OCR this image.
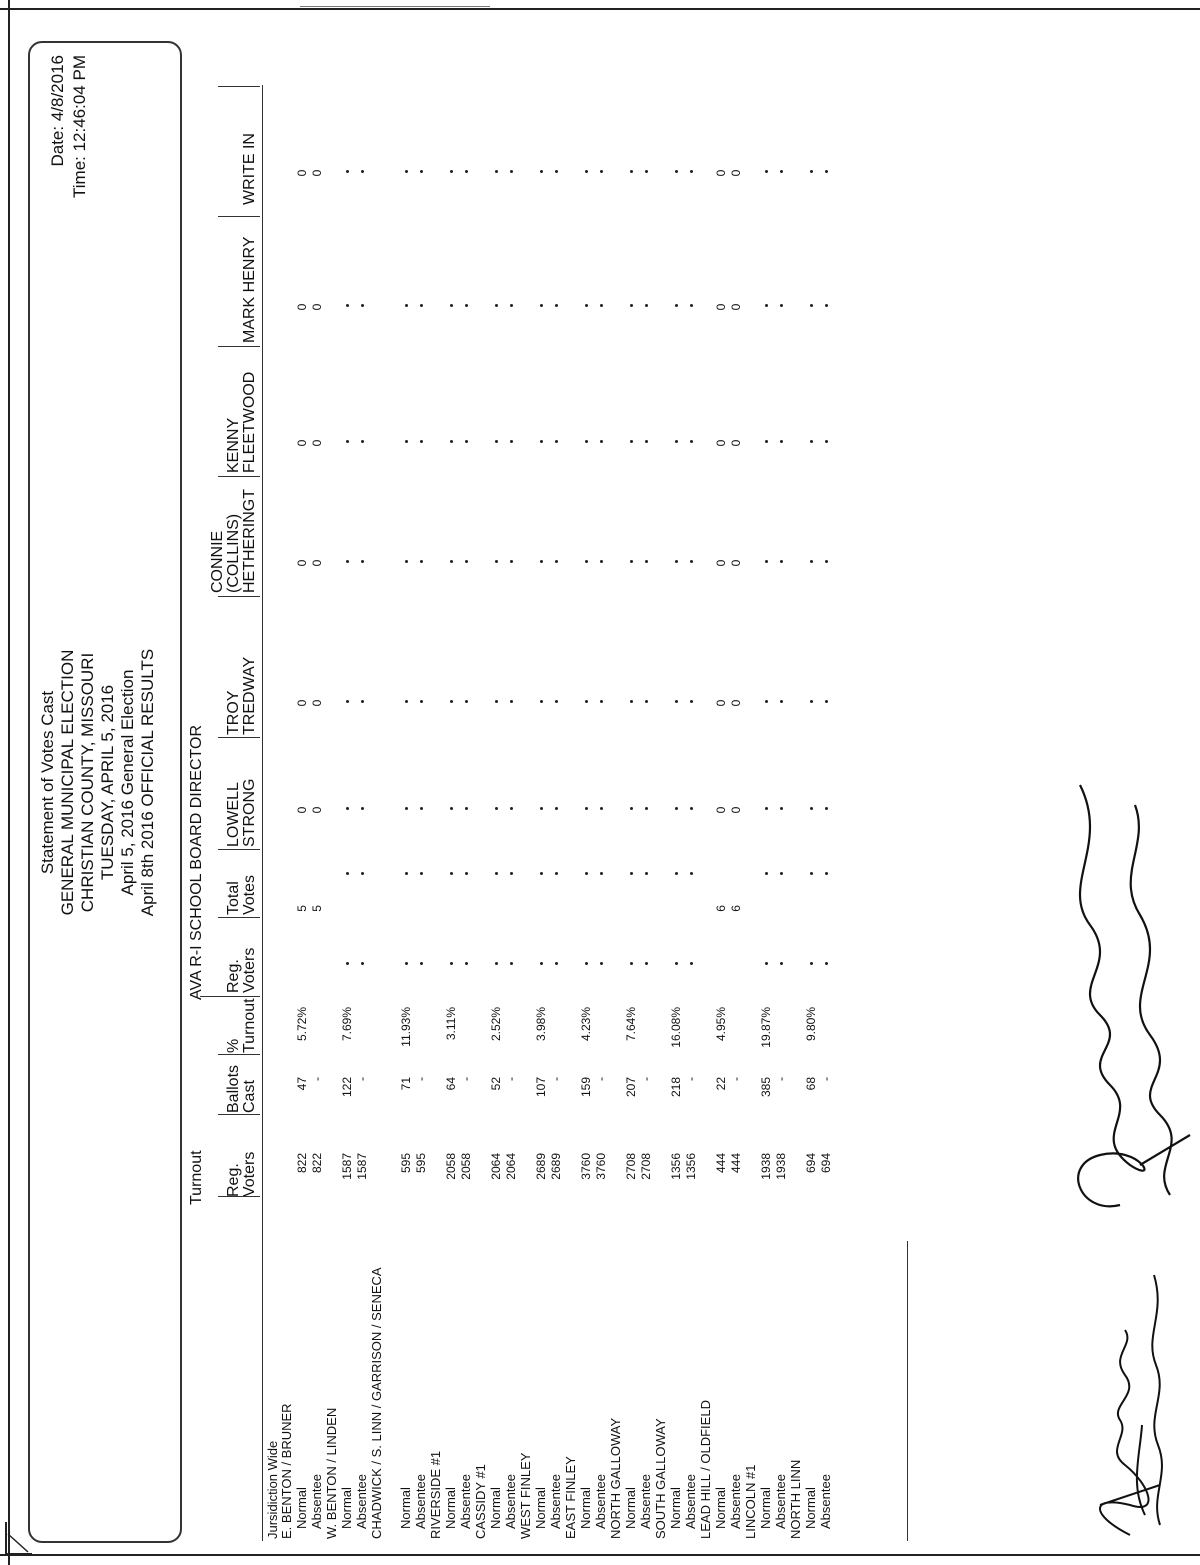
Statement of Votes Cast GENERAL MUNICIPAL ELECTION CHRISTIAN COUNTY, MISSOURI TUESDAY, APRIL 5, 2016 April 5, 2016 General Election April 8th 2016 OFFICIAL RESULTS
Date: 4/8/2016 Time: 12:46:04 PM
Turnout
AVA R-I SCHOOL BOARD DIRECTOR
Reg. Voters
Ballots Cast
% Turnout
Reg. Voters
Total Votes
LOWELL STRONG
TROY TREDWAY
CONNIE (COLLINS) HETHERINGT
KENNY FLEETWOOD
MARK HENRY
WRITE IN
Jursidiction Wide E. BENTON / BRUNER Normal
822
47
5.72%
5
0
0
0
0
0
0
Absentee
822
-
5
0
0
0
0
0
0
W. BENTON / LINDEN Normal
1587
122
7.69%
Absentee
1587
-
CHADWICK / S. LINN / GARRISON / SENECA Normal
595
71
11.93%
Absentee
595
-
RIVERSIDE #1 Normal
2058
64
3.11%
Absentee
2058
-
CASSIDY #1 Normal
2064
52
2.52%
Absentee
2064
-
WEST FINLEY Normal
2689
107
3.98%
Absentee
2689
-
EAST FINLEY Normal
3760
159
4.23%
Absentee
3760
-
NORTH GALLOWAY Normal
2708
207
7.64%
Absentee
2708
-
SOUTH GALLOWAY Normal
1356
218
16.08%
Absentee
1356
-
LEAD HILL / OLDFIELD Normal
444
22
4.95%
6
0
0
0
0
0
0
Absentee
444
-
6
0
0
0
0
0
0
LINCOLN #1 Normal
1938
385
19.87%
Absentee
1938
-
NORTH LINN Normal
694
68
9.80%
Absentee
694
-
